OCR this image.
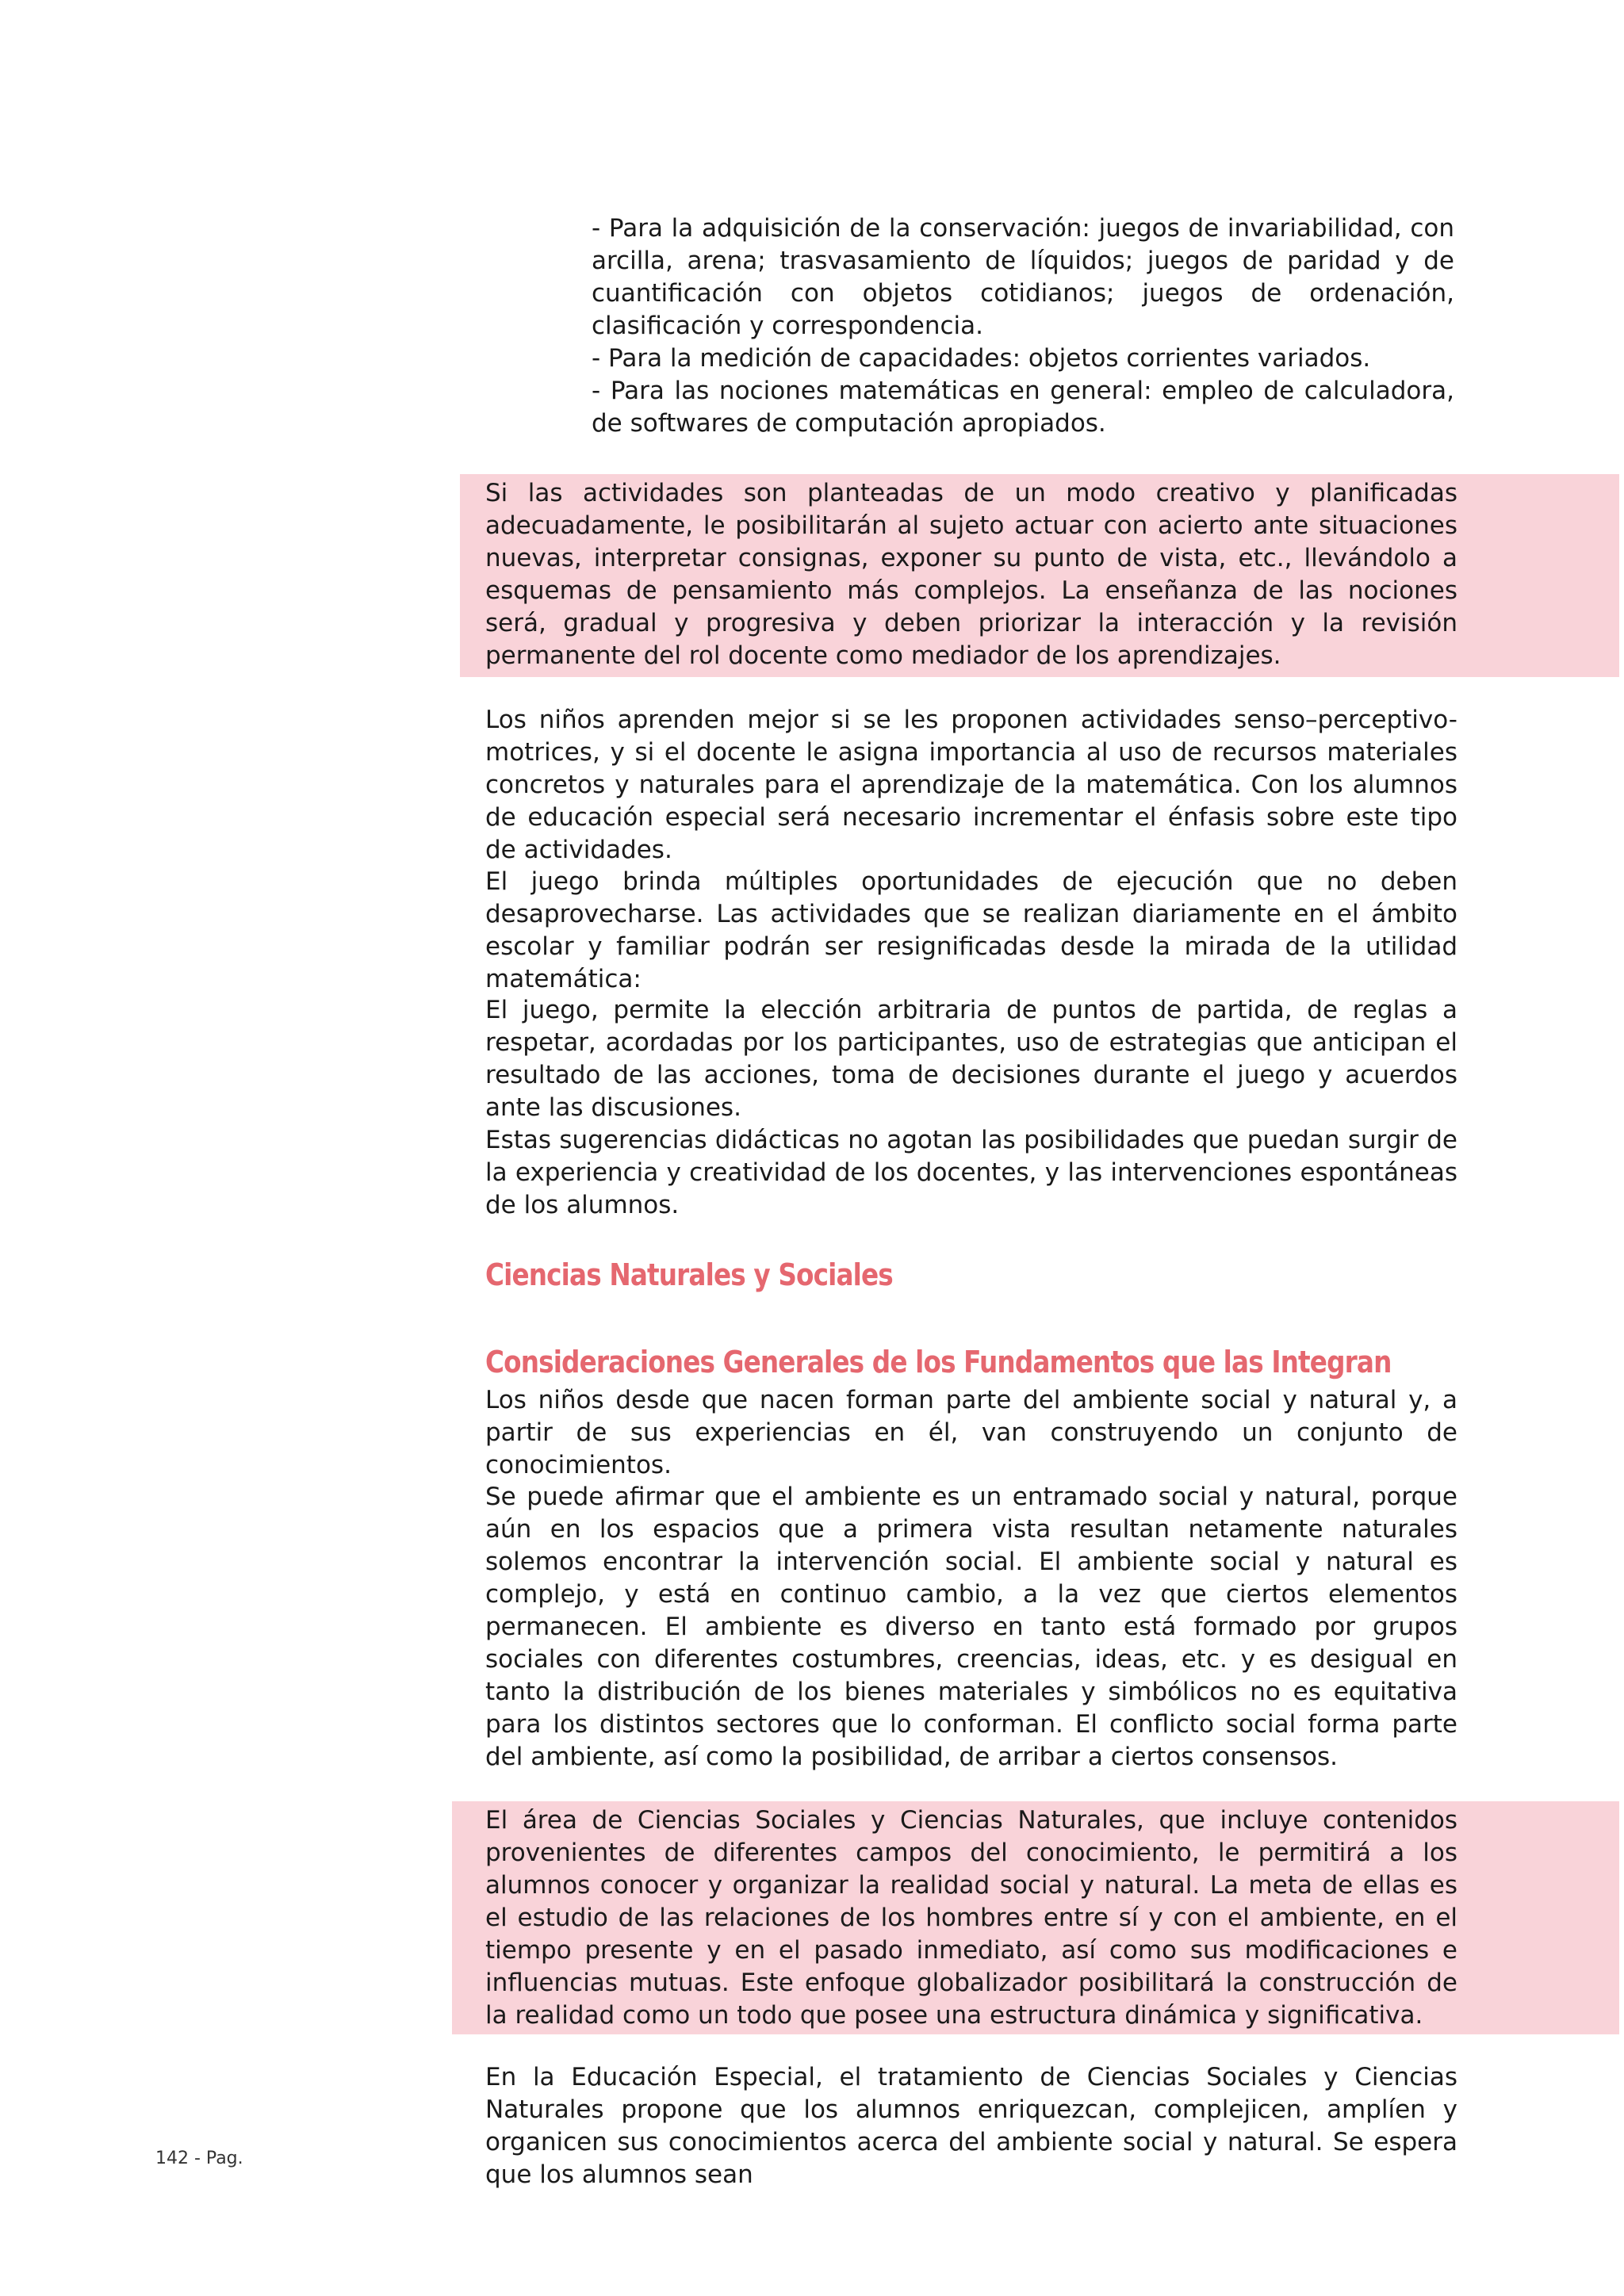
- Para la adquisición de la conservación: juegos de invariabilidad, con arcilla, arena; trasvasamiento de líquidos; juegos de paridad y de cuantificación con objetos cotidianos; juegos de ordenación, clasificación y correspondencia.

- Para la medición de capacidades: objetos corrientes variados.

- Para las nociones matemáticas en general: empleo de calculadora, de softwares de computación apropiados.

Si las actividades son planteadas de un modo creativo y planificadas adecuadamente, le posibilitarán al sujeto actuar con acierto ante situaciones nuevas, interpretar consignas, exponer su punto de vista, etc., llevándolo a esquemas de pensamiento más complejos. La enseñanza de las nociones será, gradual y progresiva y deben priorizar la interacción y la revisión permanente del rol docente como mediador de los aprendizajes.

Los niños aprenden mejor si se les proponen actividades senso–perceptivo-motrices, y si el docente le asigna importancia al uso de recursos materiales concretos y naturales para el aprendizaje de la matemática. Con los alumnos de educación especial será necesario incrementar el énfasis sobre este tipo de actividades.

El juego brinda múltiples oportunidades de ejecución que no deben desaprovecharse. Las actividades que se realizan diariamente en el ámbito escolar y familiar podrán ser resignificadas desde la mirada de la utilidad matemática:

El juego, permite la elección arbitraria de puntos de partida, de reglas a respetar, acordadas por los participantes, uso de estrategias que anticipan el resultado de las acciones, toma de decisiones durante el juego y acuerdos ante las discusiones.

Estas sugerencias didácticas no agotan las posibilidades que puedan surgir de la experiencia y creatividad de los docentes, y las intervenciones espontáneas de los alumnos.

Ciencias Naturales y Sociales
Consideraciones Generales de los Fundamentos que las Integran

Los niños desde que nacen forman parte del ambiente social y natural y, a partir de sus experiencias en él, van construyendo un conjunto de conocimientos.

Se puede afirmar que el ambiente es un entramado social y natural, porque aún en los espacios que a primera vista resultan netamente naturales solemos encontrar la intervención social. El ambiente social y natural es complejo, y está en continuo cambio, a la vez que ciertos elementos permanecen. El ambiente es diverso en tanto está formado por grupos sociales con diferentes costumbres, creencias, ideas, etc. y es desigual en tanto la distribución de los bienes materiales y simbólicos no es equitativa para los distintos sectores que lo conforman. El conflicto social forma parte del ambiente, así como la posibilidad, de arribar a ciertos consensos.

El área de Ciencias Sociales y Ciencias Naturales, que incluye contenidos provenientes de diferentes campos del conocimiento, le permitirá a los alumnos conocer y organizar la realidad social y natural. La meta de ellas es el estudio de las relaciones de los hombres entre sí y con el ambiente, en el tiempo presente y en el pasado inmediato, así como sus modificaciones e influencias mutuas. Este enfoque globalizador posibilitará la construcción de la realidad como un todo que posee una estructura dinámica y significativa.

En la Educación Especial, el tratamiento de Ciencias Sociales y Ciencias Naturales propone que los alumnos enriquezcan, complejicen, amplíen y organicen sus conocimientos acerca del ambiente social y natural. Se espera que los alumnos sean

142 - Pag.
